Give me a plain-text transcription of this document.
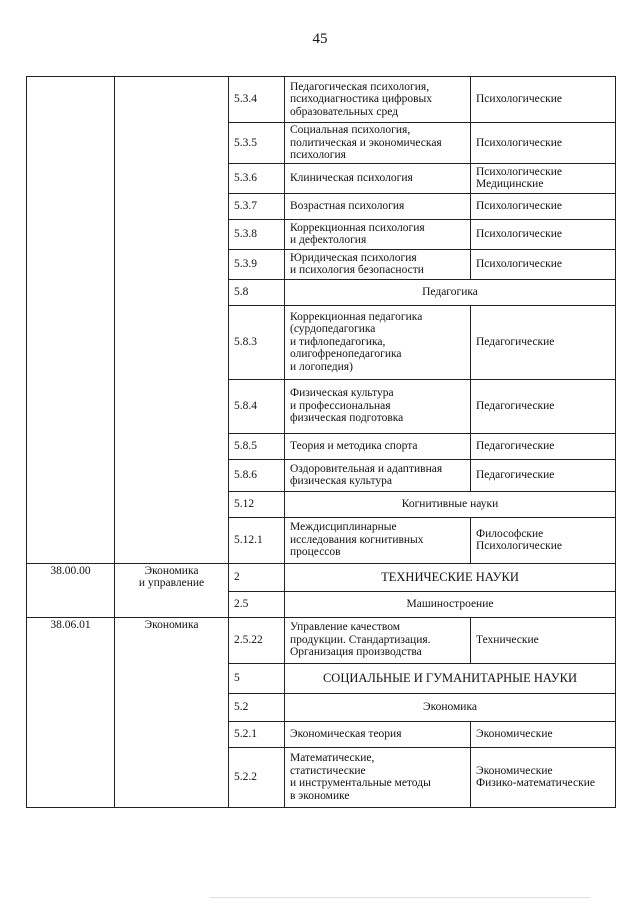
45
		5.3.4	Педагогическая психология,
психодиагностика цифровых
образовательных сред	Психологические

		5.3.5	Социальная психология,
политическая и экономическая
психология	Психологические

		5.3.6	Клиническая психология	Психологические
Медицинские

		5.3.7	Возрастная психология	Психологические

		5.3.8	Коррекционная психология
и дефектология	Психологические

		5.3.9	Юридическая психология
и психология безопасности	Психологические

		5.8	Педагогика	
		5.8.3	Коррекционная педагогика
(сурдопедагогика
и тифлопедагогика,
олигофренопедагогика
и логопедия)	Педагогические

		5.8.4	Физическая культура
и профессиональная
физическая подготовка	Педагогические

		5.8.5	Теория и методика спорта	Педагогические

		5.8.6	Оздоровительная и адаптивная
физическая культура	Педагогические

		5.12	Когнитивные науки	
		5.12.1	Междисциплинарные
исследования когнитивных
процессов	Философские
Психологические

38.00.00	Экономика
и управление	2	ТЕХНИЧЕСКИЕ НАУКИ	
		2.5	Машиностроение	
38.06.01	Экономика	2.5.22	Управление качеством
продукции. Стандартизация.
Организация производства	Технические

		5	СОЦИАЛЬНЫЕ И ГУМАНИТАРНЫЕ НАУКИ	
		5.2	Экономика	
		5.2.1	Экономическая теория	Экономические

		5.2.2	Математические,
статистические
и инструментальные методы
в экономике	Экономические
Физико-математические
